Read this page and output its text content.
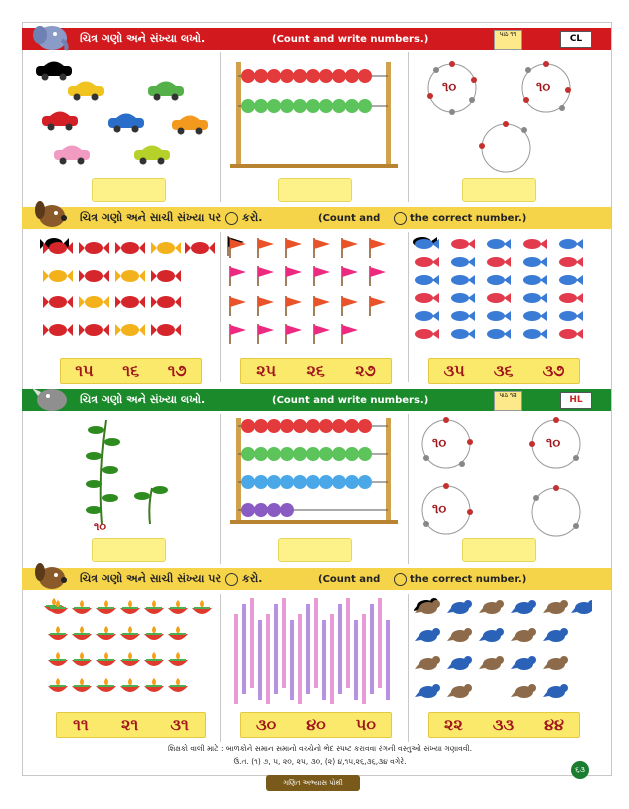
ચિત્ર ગણો અને સંખ્યા લખો.	(Count and write numbers.)	પાઠ ૧૧	CL
૧૦	૧૦
ચિત્ર ગણો અને સાચી સંખ્યા પર કરો.	(Count and	the correct number.)
૧૫ ૧૬ ૧૭	૨૫ ૨૬ ૨૭	૩૫ ૩૬ ૩૭
ચિત્ર ગણો અને સંખ્યા લખો.	(Count and write numbers.)	પાઠ ૧૨	HL
૧૦
૧૦	૧૦
૧૦
ચિત્ર ગણો અને સાચી સંખ્યા પર કરો.	(Count and	the correct number.)
૧૧ ૨૧ ૩૧	૩૦ ૪૦ ૫૦	૨૨ ૩૩ ૪૪
શિક્ષકો વાલી માટે : બાળકોને સમાન સમાનો વચ્ચેનો ભેદ સ્પષ્ટ કરાવવા રંગની વસ્તુઓ સંખ્યા ગણાવવી.
ઉ.ત. (૧) ૭, ૫, ૨૦, ૨૫, ૩૦, (૨) ૪,૧૫,૨૬,૩૬,૩૪ વગેરે.
૬૩
ગણિત અભ્યાસ પોથી
